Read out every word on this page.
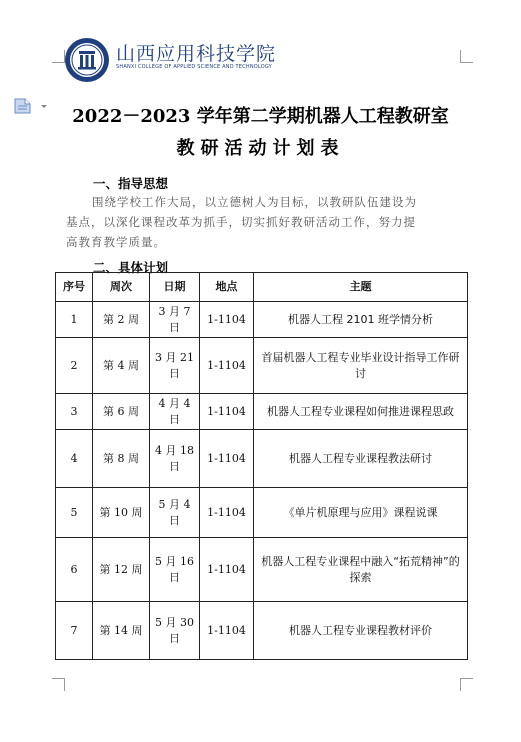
山西应用科技学院
SHANXI COLLEGE OF APPLIED SCIENCE AND TECHNOLOGY
2022－2023 学年第二学期机器人工程教研室
教研活动计划表
一、指导思想
围绕学校工作大局，以立德树人为目标，以教研队伍建设为
基点，以深化课程改革为抓手，切实抓好教研活动工作，努力提
高教育教学质量。
二、具体计划
序号	周次	日期	地点	主题
1	第 2 周	3 月 7 日	1-1104	机器人工程 2101 班学情分析
2	第 4 周	3 月 21 日	1-1104	首届机器人工程专业毕业设计指导工作研讨
3	第 6 周	4 月 4 日	1-1104	机器人工程专业课程如何推进课程思政
4	第 8 周	4 月 18 日	1-1104	机器人工程专业课程教法研讨
5	第 10 周	5 月 4 日	1-1104	《单片机原理与应用》课程说课
6	第 12 周	5 月 16 日	1-1104	机器人工程专业课程中融入“拓荒精神”的探索
7	第 14 周	5 月 30 日	1-1104	机器人工程专业课程教材评价
